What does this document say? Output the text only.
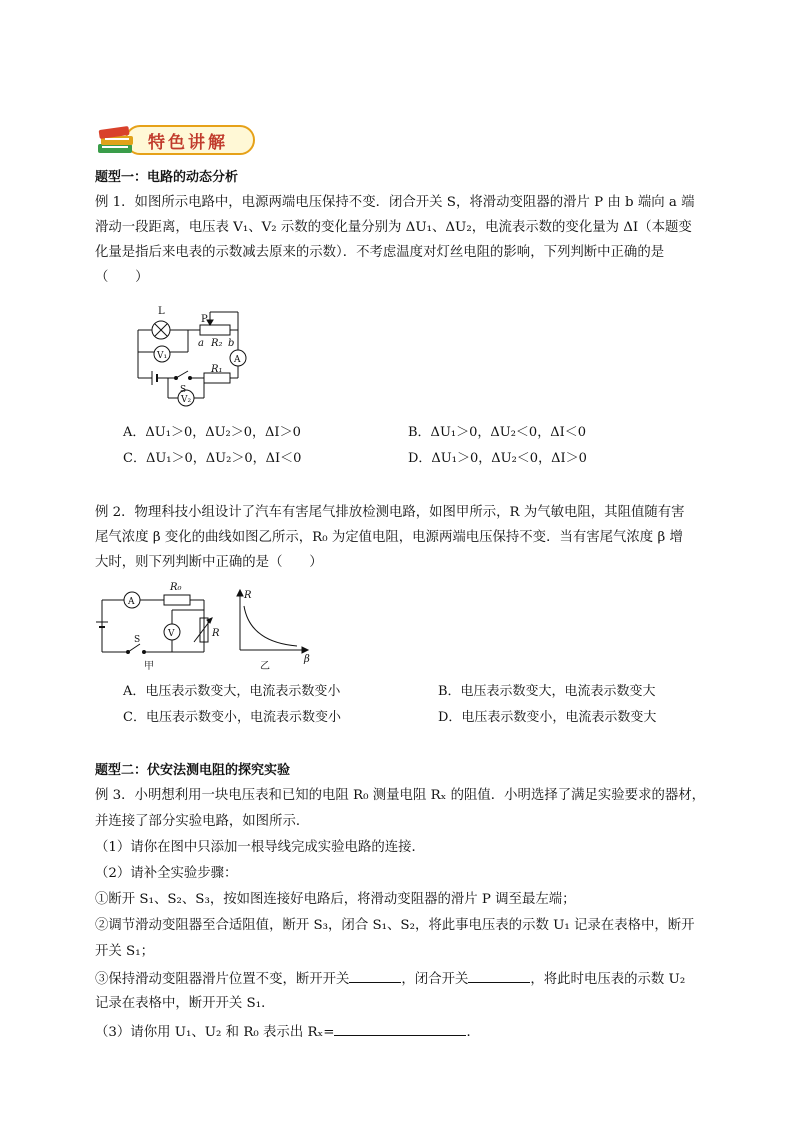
特色讲解
题型一：电路的动态分析
例 1．如图所示电路中，电源两端电压保持不变．闭合开关 S，将滑动变阻器的滑片 P 由 b 端向 a 端
滑动一段距离，电压表 V₁、V₂ 示数的变化量分别为 ΔU₁、ΔU₂，电流表示数的变化量为 ΔI（本题变
化量是指后来电表的示数减去原来的示数）．不考虑温度对灯丝电阻的影响，下列判断中正确的是
（　　）
L
P
a R₂ b
V₁	A
S
R₁
V₂
A．ΔU₁＞0，ΔU₂＞0，ΔI＞0	B．ΔU₁＞0，ΔU₂＜0，ΔI＜0
C．ΔU₁＞0，ΔU₂＞0，ΔI＜0	D．ΔU₁＞0，ΔU₂＜0，ΔI＞0
例 2．物理科技小组设计了汽车有害尾气排放检测电路，如图甲所示，R 为气敏电阻，其阻值随有害
尾气浓度 β 变化的曲线如图乙所示，R₀ 为定值电阻，电源两端电压保持不变．当有害尾气浓度 β 增
大时，则下列判断中正确的是（　　）
A
R₀
V	R
S
甲
R
β
乙
A．电压表示数变大，电流表示数变小	B．电压表示数变大，电流表示数变大
C．电压表示数变小，电流表示数变小	D．电压表示数变小，电流表示数变大
题型二：伏安法测电阻的探究实验
例 3．小明想利用一块电压表和已知的电阻 R₀ 测量电阻 Rₓ 的阻值．小明选择了满足实验要求的器材，
并连接了部分实验电路，如图所示．
（1）请你在图中只添加一根导线完成实验电路的连接．
（2）请补全实验步骤：
①断开 S₁、S₂、S₃，按如图连接好电路后，将滑动变阻器的滑片 P 调至最左端；
②调节滑动变阻器至合适阻值，断开 S₃，闭合 S₁、S₂，将此事电压表的示数 U₁ 记录在表格中，断开
开关 S₁；
③保持滑动变阻器滑片位置不变，断开开关	，闭合开关	，将此时电压表的示数 U₂
记录在表格中，断开开关 S₁．
（3）请你用 U₁、U₂ 和 R₀ 表示出 Rₓ=	．
